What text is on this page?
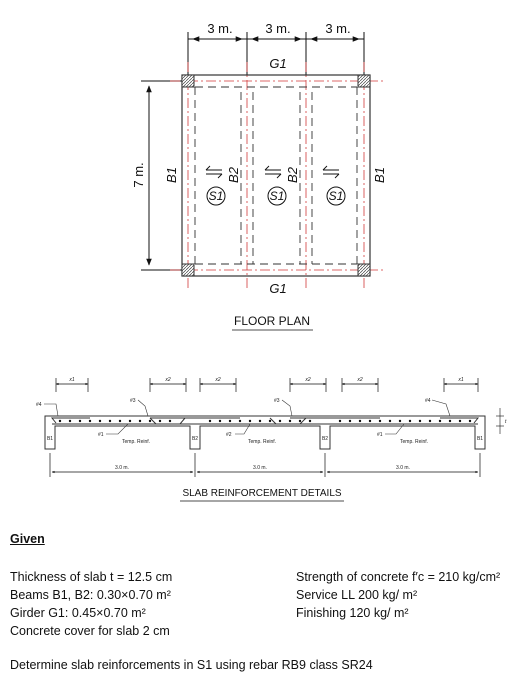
3 m.	3 m.	3 m.
7 m.
G1
G1
B1	B1
B2	B2
S1	S1	S1
FLOOR PLAN
B1	B2	B2	B1
x1	x2	x2	x2	x2	x1
#4
#3
#1	#2
#3
#1
#4
Temp. Reinf.	Temp. Reinf.	Temp. Reinf.
t
3.0 m.	3.0 m.	3.0 m.
SLAB REINFORCEMENT DETAILS
Given
Thickness of slab t = 12.5 cm
Beams B1, B2: 0.30×0.70 m²
Girder G1: 0.45×0.70 m²
Concrete cover for slab 2 cm
Strength of concrete f′c = 210 kg/cm²
Service LL 200 kg/ m²
Finishing 120 kg/ m²
Determine slab reinforcements in S1 using rebar RB9 class SR24
